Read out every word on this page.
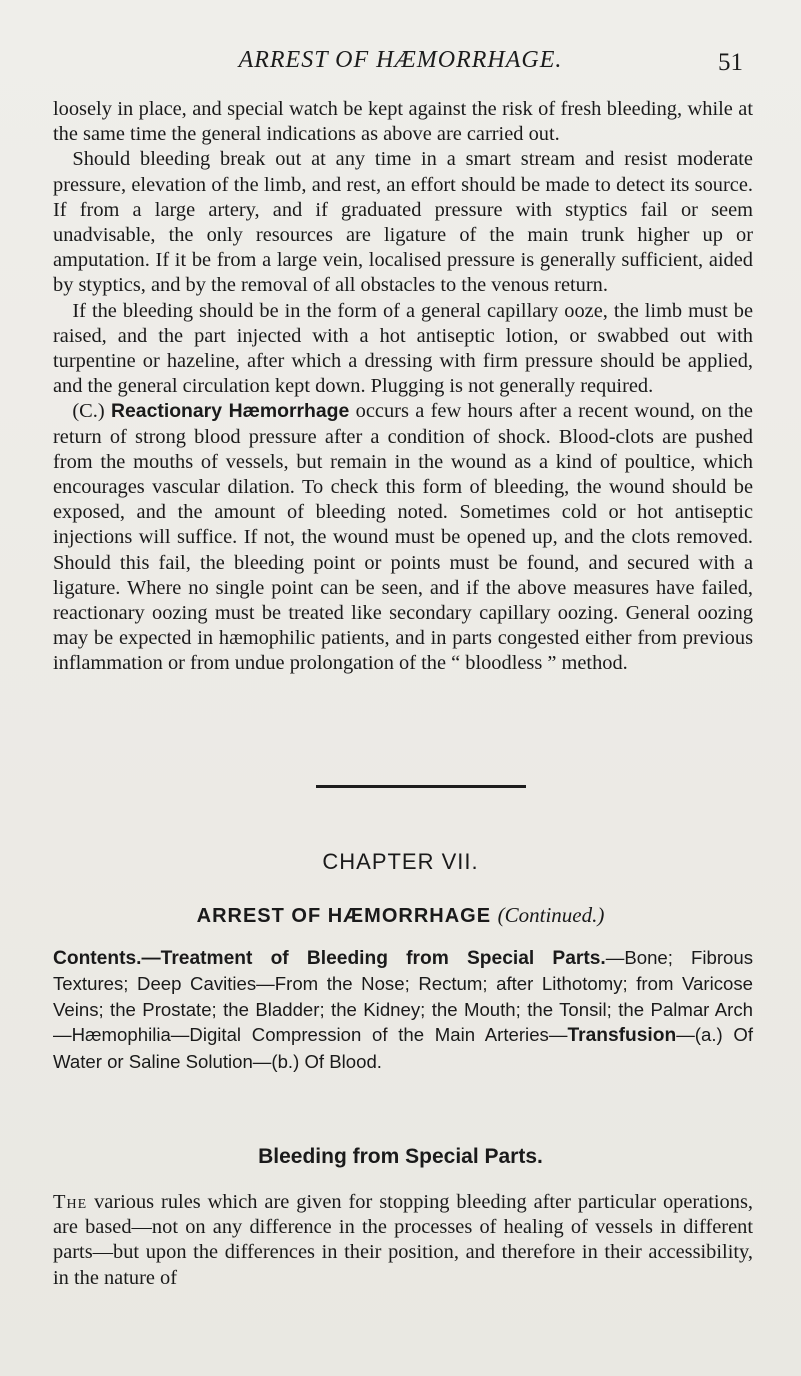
ARREST OF HÆMORRHAGE.	51

loosely in place, and special watch be kept against the risk of fresh bleeding, while at the same time the general indications as above are carried out.

Should bleeding break out at any time in a smart stream and resist moderate pressure, elevation of the limb, and rest, an effort should be made to detect its source. If from a large artery, and if graduated pressure with styptics fail or seem unadvisable, the only resources are ligature of the main trunk higher up or amputation. If it be from a large vein, localised pressure is generally sufficient, aided by styptics, and by the removal of all obstacles to the venous return.

If the bleeding should be in the form of a general capillary ooze, the limb must be raised, and the part injected with a hot antiseptic lotion, or swabbed out with turpentine or hazeline, after which a dressing with firm pressure should be applied, and the general circulation kept down. Plugging is not generally required.

(C.) Reactionary Hæmorrhage occurs a few hours after a recent wound, on the return of strong blood pressure after a condition of shock. Blood-clots are pushed from the mouths of vessels, but remain in the wound as a kind of poultice, which encourages vascular dilation. To check this form of bleeding, the wound should be exposed, and the amount of bleeding noted. Sometimes cold or hot antiseptic injections will suffice. If not, the wound must be opened up, and the clots removed. Should this fail, the bleeding point or points must be found, and secured with a ligature. Where no single point can be seen, and if the above measures have failed, reactionary oozing must be treated like secondary capillary oozing. General oozing may be expected in hæmophilic patients, and in parts congested either from previous inflammation or from undue prolongation of the “ bloodless ” method.

CHAPTER VII.
ARREST OF HÆMORRHAGE (Continued.)
Contents.—Treatment of Bleeding from Special Parts.—Bone; Fibrous Textures; Deep Cavities—From the Nose; Rectum; after Lithotomy; from Varicose Veins; the Prostate; the Bladder; the Kidney; the Mouth; the Tonsil; the Palmar Arch—Hæmophilia—Digital Compression of the Main Arteries—Transfusion—(a.) Of Water or Saline Solution—(b.) Of Blood.
Bleeding from Special Parts.
The various rules which are given for stopping bleeding after particular operations, are based—not on any difference in the processes of healing of vessels in different parts—but upon the differences in their position, and therefore in their accessibility, in the nature of
